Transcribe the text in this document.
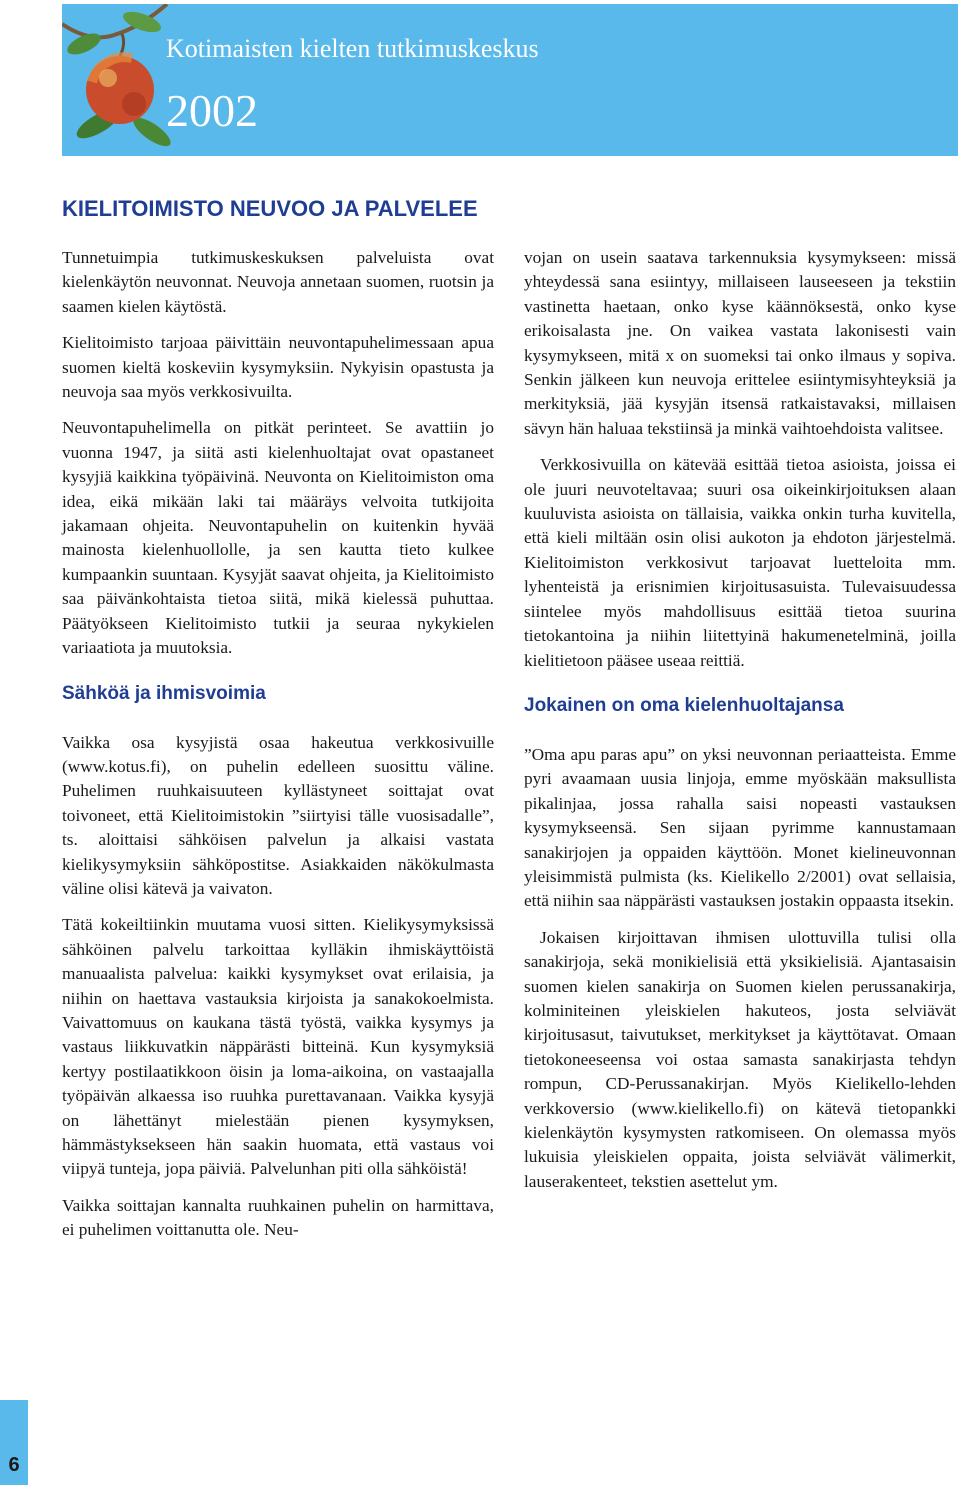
Kotimaisten kielten tutkimuskeskus
2002
KIELITOIMISTO NEUVOO JA PALVELEE

Tunnetuimpia tutkimuskeskuksen palveluista ovat kielenkäytön neuvonnat. Neuvoja annetaan suomen, ruotsin ja saamen kielen käytöstä.

Kielitoimisto tarjoaa päivittäin neuvontapuhelimessaan apua suomen kieltä koskeviin kysymyksiin. Nykyisin opastusta ja neuvoja saa myös verkkosivuilta.

Neuvontapuhelimella on pitkät perinteet. Se avattiin jo vuonna 1947, ja siitä asti kielenhuoltajat ovat opastaneet kysyjiä kaikkina työpäivinä. Neuvonta on Kielitoimiston oma idea, eikä mikään laki tai määräys velvoita tutkijoita jakamaan ohjeita. Neuvontapuhelin on kuitenkin hyvää mainosta kielenhuollolle, ja sen kautta tieto kulkee kumpaankin suuntaan. Kysyjät saavat ohjeita, ja Kielitoimisto saa päivänkohtaista tietoa siitä, mikä kielessä puhuttaa. Päätyökseen Kielitoimisto tutkii ja seuraa nykykielen variaatiota ja muutoksia.

Sähköä ja ihmisvoimia

Vaikka osa kysyjistä osaa hakeutua verkkosivuille (www.kotus.fi), on puhelin edelleen suosittu väline. Puhelimen ruuhkaisuuteen kyllästyneet soittajat ovat toivoneet, että Kielitoimistokin ”siirtyisi tälle vuosisadalle”, ts. aloittaisi sähköisen palvelun ja alkaisi vastata kielikysymyksiin sähköpostitse. Asiakkaiden näkökulmasta väline olisi kätevä ja vaivaton.

Tätä kokeiltiinkin muutama vuosi sitten. Kielikysymyksissä sähköinen palvelu tarkoittaa kylläkin ihmiskäyttöistä manuaalista palvelua: kaikki kysymykset ovat erilaisia, ja niihin on haettava vastauksia kirjoista ja sanakokoelmista. Vaivattomuus on kaukana tästä työstä, vaikka kysymys ja vastaus liikkuvatkin näppärästi bitteinä. Kun kysymyksiä kertyy postilaatikkoon öisin ja loma-aikoina, on vastaajalla työpäivän alkaessa iso ruuhka purettavanaan. Vaikka kysyjä on lähettänyt mielestään pienen kysymyksen, hämmästyksekseen hän saakin huomata, että vastaus voi viipyä tunteja, jopa päiviä. Palvelunhan piti olla sähköistä!

Vaikka soittajan kannalta ruuhkainen puhelin on harmittava, ei puhelimen voittanutta ole. Neu-

vojan on usein saatava tarkennuksia kysymykseen: missä yhteydessä sana esiintyy, millaiseen lauseeseen ja tekstiin vastinetta haetaan, onko kyse käännöksestä, onko kyse erikoisalasta jne. On vaikea vastata lakonisesti vain kysymykseen, mitä x on suomeksi tai onko ilmaus y sopiva. Senkin jälkeen kun neuvoja erittelee esiintymisyhteyksiä ja merkityksiä, jää kysyjän itsensä ratkaistavaksi, millaisen sävyn hän haluaa tekstiinsä ja minkä vaihtoehdoista valitsee.

Verkkosivuilla on kätevää esittää tietoa asioista, joissa ei ole juuri neuvoteltavaa; suuri osa oikeinkirjoituksen alaan kuuluvista asioista on tällaisia, vaikka onkin turha kuvitella, että kieli miltään osin olisi aukoton ja ehdoton järjestelmä. Kielitoimiston verkkosivut tarjoavat luetteloita mm. lyhenteistä ja erisnimien kirjoitusasuista. Tulevaisuudessa siintelee myös mahdollisuus esittää tietoa suurina tietokantoina ja niihin liitettyinä hakumenetelminä, joilla kielitietoon pääsee useaa reittiä.

Jokainen on oma kielenhuoltajansa

”Oma apu paras apu” on yksi neuvonnan periaatteista. Emme pyri avaamaan uusia linjoja, emme myöskään maksullista pikalinjaa, jossa rahalla saisi nopeasti vastauksen kysymykseensä. Sen sijaan pyrimme kannustamaan sanakirjojen ja oppaiden käyttöön. Monet kielineuvonnan yleisimmistä pulmista (ks. Kielikello 2/2001) ovat sellaisia, että niihin saa näppärästi vastauksen jostakin oppaasta itsekin.

Jokaisen kirjoittavan ihmisen ulottuvilla tulisi olla sanakirjoja, sekä monikielisiä että yksikielisiä. Ajantasaisin suomen kielen sanakirja on Suomen kielen perussanakirja, kolminiteinen yleiskielen hakuteos, josta selviävät kirjoitusasut, taivutukset, merkitykset ja käyttötavat. Omaan tietokoneeseensa voi ostaa samasta sanakirjasta tehdyn rompun, CD-Perussanakirjan. Myös Kielikello-lehden verkkoversio (www.kielikello.fi) on kätevä tietopankki kielenkäytön kysymysten ratkomiseen. On olemassa myös lukuisia yleiskielen oppaita, joista selviävät välimerkit, lauserakenteet, tekstien asettelut ym.

6
